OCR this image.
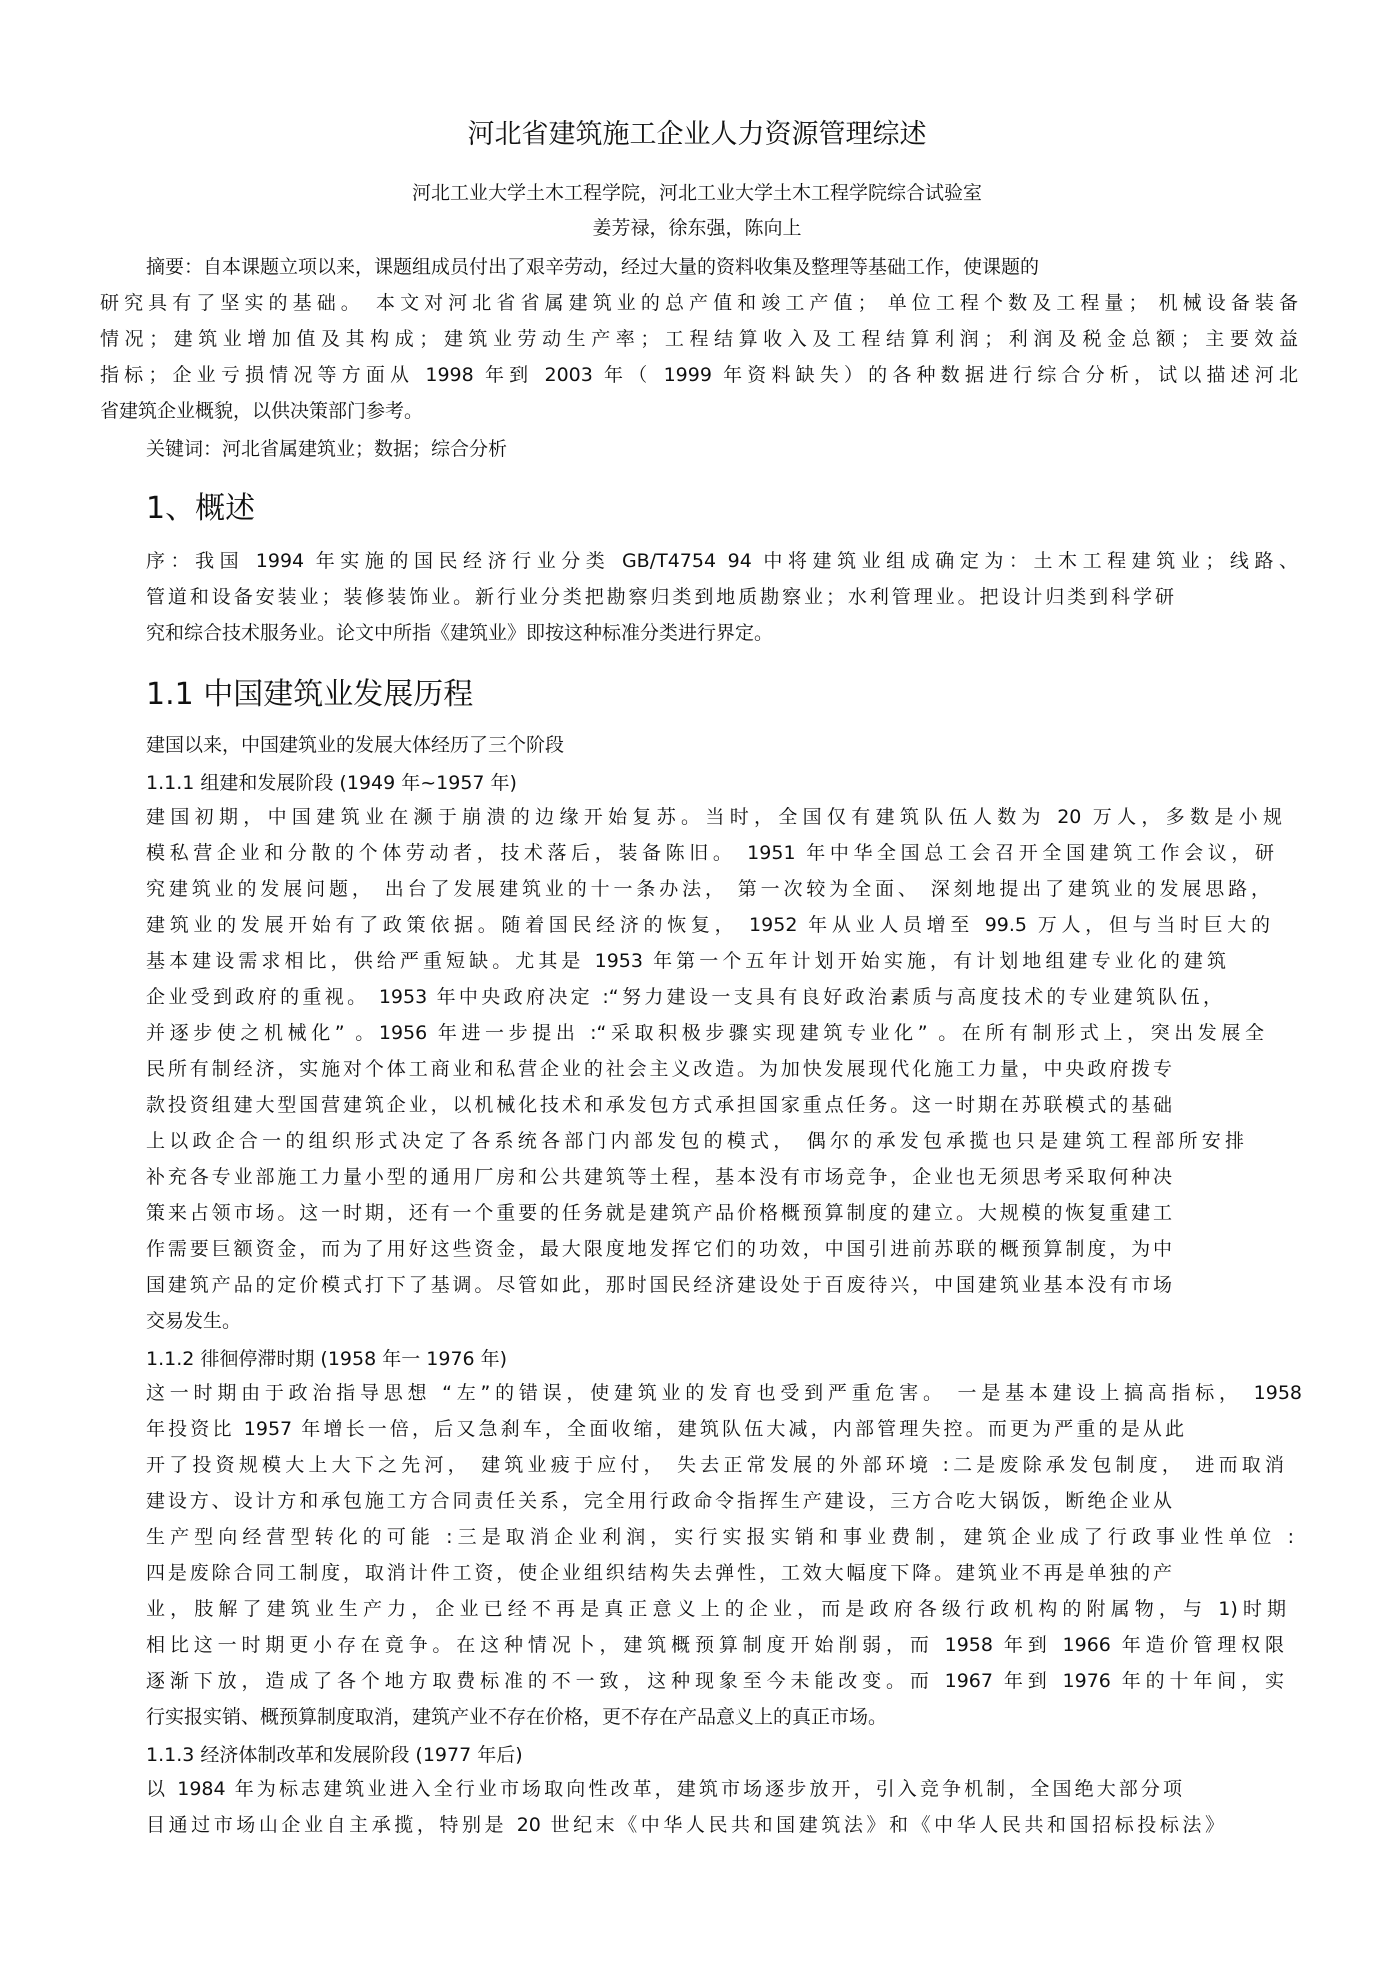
河北省建筑施工企业人力资源管理综述
河北工业大学土木工程学院，河北工业大学土木工程学院综合试验室
姜芳禄，徐东强，陈向上
摘要：自本课题立项以来，课题组成员付出了艰辛劳动，经过大量的资料收集及整理等基础工作，使课题的
研究具有了坚实的基础。 本文对河北省省属建筑业的总产值和竣工产值； 单位工程个数及工程量； 机械设备装备
情况；建筑业增加值及其构成；建筑业劳动生产率；工程结算收入及工程结算利润；利润及税金总额；主要效益
指标；企业亏损情况等方面从 1998 年到 2003 年（ 1999 年资料缺失）的各种数据进行综合分析，试以描述河北
省建筑企业概貌，以供决策部门参考。
关键词：河北省属建筑业；数据；综合分析
1、概述
序：我国 1994 年实施的国民经济行业分类 GB/T4754 94 中将建筑业组成确定为：土木工程建筑业；线路、
管道和设备安装业；装修装饰业。新行业分类把勘察归类到地质勘察业；水利管理业。把设计归类到科学研
究和综合技术服务业。论文中所指《建筑业》即按这种标准分类进行界定。
1.1 中国建筑业发展历程
建国以来，中国建筑业的发展大体经历了三个阶段
1.1.1 组建和发展阶段 (1949 年~1957 年)
建国初期，中国建筑业在濒于崩溃的边缘开始复苏。当时，全国仅有建筑队伍人数为 20 万人，多数是小规
模私营企业和分散的个体劳动者，技术落后，装备陈旧。 1951 年中华全国总工会召开全国建筑工作会议，研
究建筑业的发展问题， 出台了发展建筑业的十一条办法， 第一次较为全面、 深刻地提出了建筑业的发展思路，
建筑业的发展开始有了政策依据。随着国民经济的恢复， 1952 年从业人员增至 99.5 万人，但与当时巨大的
基本建设需求相比，供给严重短缺。尤其是 1953 年第一个五年计划开始实施，有计划地组建专业化的建筑
企业受到政府的重视。 1953 年中央政府决定 :“努力建设一支具有良好政治素质与高度技术的专业建筑队伍，
并逐步使之机械化” 。1956 年进一步提出 :“采取积极步骤实现建筑专业化” 。在所有制形式上，突出发展全
民所有制经济，实施对个体工商业和私营企业的社会主义改造。为加快发展现代化施工力量，中央政府拨专
款投资组建大型国营建筑企业，以机械化技术和承发包方式承担国家重点任务。这一时期在苏联模式的基础
上以政企合一的组织形式决定了各系统各部门内部发包的模式， 偶尔的承发包承揽也只是建筑工程部所安排
补充各专业部施工力量小型的通用厂房和公共建筑等土程，基本没有市场竞争，企业也无须思考采取何种决
策来占领市场。这一时期，还有一个重要的任务就是建筑产品价格概预算制度的建立。大规模的恢复重建工
作需要巨额资金，而为了用好这些资金，最大限度地发挥它们的功效，中国引进前苏联的概预算制度，为中
国建筑产品的定价模式打下了基调。尽管如此，那时国民经济建设处于百废待兴，中国建筑业基本没有市场
交易发生。
1.1.2 徘徊停滞时期 (1958 年一 1976 年)
这一时期由于政治指导思想 “左”的错误，使建筑业的发育也受到严重危害。 一是基本建设上搞高指标， 1958
年投资比 1957 年增长一倍，后又急刹车，全面收缩，建筑队伍大减，内部管理失控。而更为严重的是从此
开了投资规模大上大下之先河， 建筑业疲于应付， 失去正常发展的外部环境 :二是废除承发包制度， 进而取消
建设方、设计方和承包施工方合同责任关系，完全用行政命令指挥生产建设，三方合吃大锅饭，断绝企业从
生产型向经营型转化的可能 :三是取消企业利润，实行实报实销和事业费制，建筑企业成了行政事业性单位 :
四是废除合同工制度，取消计件工资，使企业组织结构失去弹性，工效大幅度下降。建筑业不再是单独的产
业，肢解了建筑业生产力，企业已经不再是真正意义上的企业，而是政府各级行政机构的附属物，与 1)时期
相比这一时期更小存在竟争。在这种情况卜，建筑概预算制度开始削弱，而 1958 年到 1966 年造价管理权限
逐渐下放，造成了各个地方取费标准的不一致，这种现象至今未能改变。而 1967 年到 1976 年的十年间，实
行实报实销、概预算制度取消，建筑产业不存在价格，更不存在产品意义上的真正市场。
1.1.3 经济体制改革和发展阶段 (1977 年后)
以 1984 年为标志建筑业进入全行业市场取向性改革，建筑市场逐步放开，引入竞争机制，全国绝大部分项
目通过市场山企业自主承揽，特别是 20 世纪末《中华人民共和国建筑法》和《中华人民共和国招标投标法》
